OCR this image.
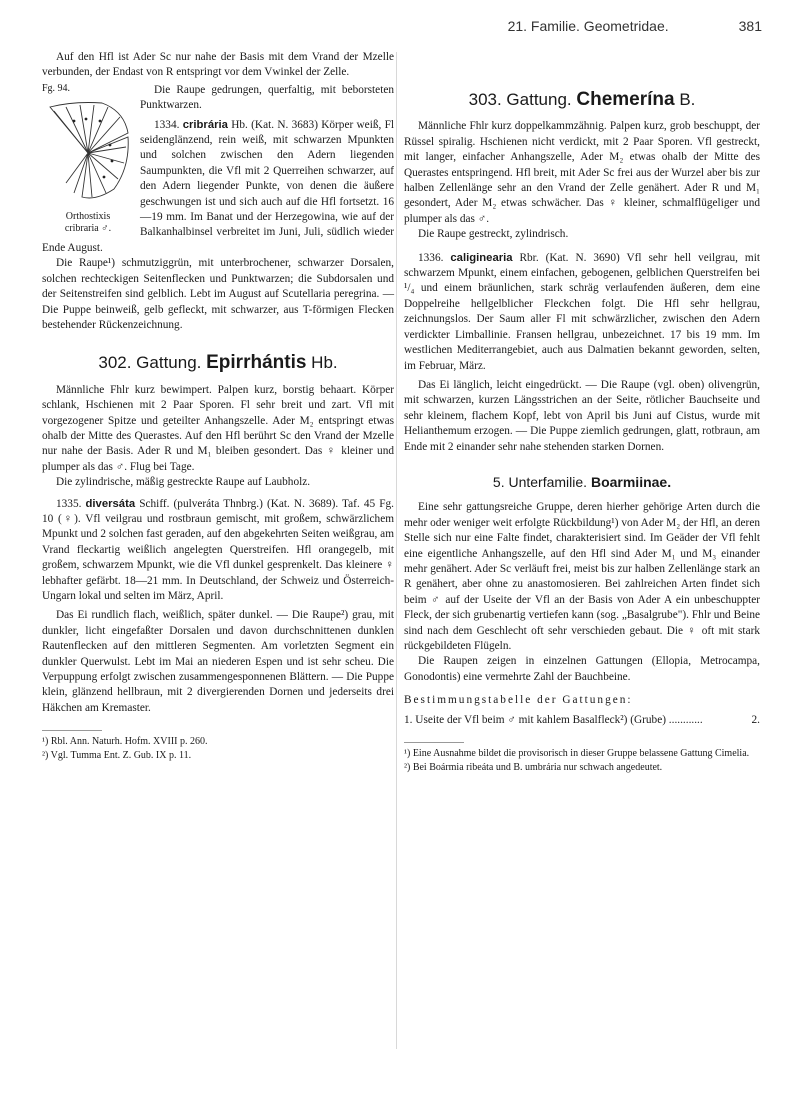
21. Familie. Geometridae.	381

Auf den Hfl ist Ader Sc nur nahe der Basis mit dem Vrand der Mzelle verbunden, der Endast von R entspringt vor dem Vwinkel der Zelle.

Fg. 94.
Orthostixis
cribraria ♂.

Die Raupe gedrungen, querfaltig, mit beborsteten Punktwarzen.

1334. cribrária Hb. (Kat. N. 3683) Körper weiß, Fl seidenglänzend, rein weiß, mit schwarzen Mpunkten und solchen zwischen den Adern liegenden Saumpunkten, die Vfl mit 2 Querreihen schwarzer, auf den Adern liegender Punkte, von denen die äußere geschwungen ist und sich auch auf die Hfl fortsetzt. 16—19 mm. Im Banat und der Herzegowina, wie auf der Balkanhalbinsel verbreitet im Juni, Juli, südlich wieder Ende August.

Die Raupe¹) schmutziggrün, mit unterbrochener, schwarzer Dorsalen, solchen rechteckigen Seitenflecken und Punktwarzen; die Subdorsalen und der Seitenstreifen sind gelblich. Lebt im August auf Scutellaria peregrina. — Die Puppe beinweiß, gelb gefleckt, mit schwarzer, aus T-förmigen Flecken bestehender Rückenzeichnung.

302. Gattung. Epirrhántis Hb.

Männliche Fhlr kurz bewimpert. Palpen kurz, borstig behaart. Körper schlank, Hschienen mit 2 Paar Sporen. Fl sehr breit und zart. Vfl mit vorgezogener Spitze und geteilter Anhangszelle. Ader M₂ entspringt etwas ohalb der Mitte des Querastes. Auf den Hfl berührt Sc den Vrand der Mzelle nur nahe der Basis. Ader R und M₁ bleiben gesondert. Das ♀ kleiner und plumper als das ♂. Flug bei Tage.

Die zylindrische, mäßig gestreckte Raupe auf Laubholz.

1335. diversáta Schiff. (pulveráta Thnbrg.) (Kat. N. 3689). Taf. 45 Fg. 10 (♀). Vfl veilgrau und rostbraun gemischt, mit großem, schwärzlichem Mpunkt und 2 solchen fast geraden, auf den abgekehrten Seiten weißgrau, am Vrand fleckartig weißlich angelegten Querstreifen. Hfl orangegelb, mit großem, schwarzem Mpunkt, wie die Vfl dunkel gesprenkelt. Das kleinere ♀ lebhafter gefärbt. 18—21 mm. In Deutschland, der Schweiz und Österreich-Ungarn lokal und selten im März, April.

Das Ei rundlich flach, weißlich, später dunkel. — Die Raupe²) grau, mit dunkler, licht eingefaßter Dorsalen und davon durchschnittenen dunklen Rautenflecken auf den mittleren Segmenten. Am vorletzten Segment ein dunkler Querwulst. Lebt im Mai an niederen Espen und ist sehr scheu. Die Verpuppung erfolgt zwischen zusammengesponnenen Blättern. — Die Puppe klein, glänzend hellbraun, mit 2 divergierenden Dornen und jederseits drei Häkchen am Kremaster.

¹) Rbl. Ann. Naturh. Hofm. XVIII p. 260.

²) Vgl. Tumma Ent. Z. Gub. IX p. 11.

303. Gattung. Chemerína B.

Männliche Fhlr kurz doppelkammzähnig. Palpen kurz, grob beschuppt, der Rüssel spiralig. Hschienen nicht verdickt, mit 2 Paar Sporen. Vfl gestreckt, mit langer, einfacher Anhangszelle, Ader M₂ etwas ohalb der Mitte des Querastes entspringend. Hfl breit, mit Ader Sc frei aus der Wurzel aber bis zur halben Zellenlänge sehr an den Vrand der Zelle genähert. Ader R und M₁ gesondert, Ader M₂ etwas schwächer. Das ♀ kleiner, schmalflügeliger und plumper als das ♂.

Die Raupe gestreckt, zylindrisch.

1336. caliginearia Rbr. (Kat. N. 3690) Vfl sehr hell veilgrau, mit schwarzem Mpunkt, einem einfachen, gebogenen, gelblichen Querstreifen bei ¹/₄ und einem bräunlichen, stark schräg verlaufenden äußeren, dem eine Doppelreihe hellgelblicher Fleckchen folgt. Die Hfl sehr hellgrau, zeichnungslos. Der Saum aller Fl mit schwärzlicher, zwischen den Adern verdickter Limballinie. Fransen hellgrau, unbezeichnet. 17 bis 19 mm. Im westlichen Mediterrangebiet, auch aus Dalmatien bekannt geworden, selten, im Februar, März.

Das Ei länglich, leicht eingedrückt. — Die Raupe (vgl. oben) olivengrün, mit schwarzen, kurzen Längsstrichen an der Seite, rötlicher Bauchseite und sehr kleinem, flachem Kopf, lebt von April bis Juni auf Cistus, wurde mit Helianthemum erzogen. — Die Puppe ziemlich gedrungen, glatt, rotbraun, am Ende mit 2 einander sehr nahe stehenden starken Dornen.

5. Unterfamilie. Boarmiinae.

Eine sehr gattungsreiche Gruppe, deren hierher gehörige Arten durch die mehr oder weniger weit erfolgte Rückbildung¹) von Ader M₂ der Hfl, an deren Stelle sich nur eine Falte findet, charakterisiert sind. Im Geäder der Vfl fehlt eine eigentliche Anhangszelle, auf den Hfl sind Ader M₁ und M₃ einander mehr genähert. Ader Sc verläuft frei, meist bis zur halben Zellenlänge stark an R genähert, aber ohne zu anastomosieren. Bei zahlreichen Arten findet sich beim ♂ auf der Useite der Vfl an der Basis von Ader A ein unbeschuppter Fleck, der sich grubenartig vertiefen kann (sog. „Basalgrube"). Fhlr und Beine sind nach dem Geschlecht oft sehr verschieden gebaut. Die ♀ oft mit stark rückgebildeten Flügeln.

Die Raupen zeigen in einzelnen Gattungen (Ellopia, Metrocampa, Gonodontis) eine vermehrte Zahl der Bauchbeine.

Bestimmungstabelle der Gattungen:

1. Useite der Vfl beim ♂ mit kahlem Basalfleck²) (Grube) ............	2.

¹) Eine Ausnahme bildet die provisorisch in dieser Gruppe belassene Gattung Cimelia.

²) Bei Boármia ribeáta und B. umbrária nur schwach angedeutet.
